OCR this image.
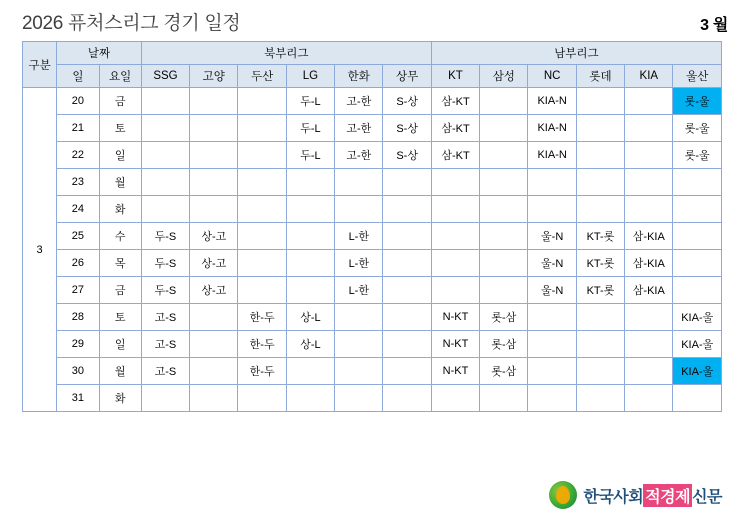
2026 퓨처스리그 경기 일정	3 월
구분	날짜		북부리그						남부리그					
	일	요일	SSG	고양	두산	LG	한화	상무	KT	삼성	NC	롯데	KIA	울산
3	20	금				두-L	고-한	S-상	삼-KT		KIA-N			롯-울
	21	토				두-L	고-한	S-상	삼-KT		KIA-N			롯-울
	22	일				두-L	고-한	S-상	삼-KT		KIA-N			롯-울
	23	월												
	24	화												
	25	수	두-S	상-고			L-한				울-N	KT-롯	삼-KIA	
	26	목	두-S	상-고			L-한				울-N	KT-롯	삼-KIA	
	27	금	두-S	상-고			L-한				울-N	KT-롯	삼-KIA	
	28	토	고-S		한-두	상-L			N-KT	롯-삼				KIA-울
	29	일	고-S		한-두	상-L			N-KT	롯-삼				KIA-울
	30	월	고-S		한-두				N-KT	롯-삼				KIA-울
	31	화												
한국사회 적경제 신문
